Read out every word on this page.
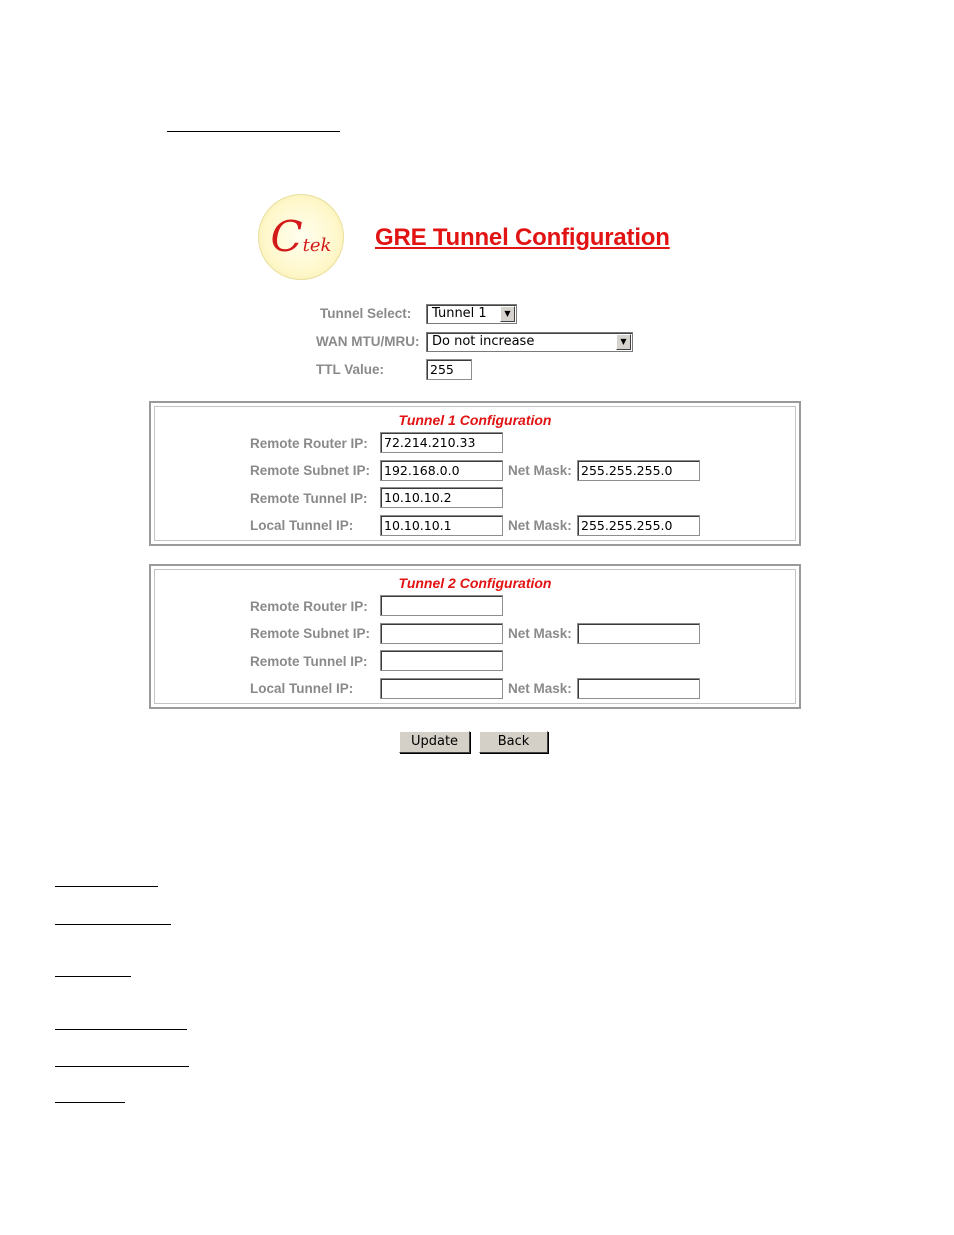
Ctek GRE Tunnel Configuration
Tunnel Select:	Tunnel 1	▼
WAN MTU/MRU: Do not increase	▼
TTL Value:	255
Tunnel 1 Configuration
Remote Router IP:	72.214.210.33
Remote Subnet IP:	192.168.0.0	Net Mask: 255.255.255.0
Remote Tunnel IP:	10.10.10.2
Local Tunnel IP:	10.10.10.1	Net Mask: 255.255.255.0
Tunnel 2 Configuration
Remote Router IP:
Remote Subnet IP:	Net Mask:
Remote Tunnel IP:
Local Tunnel IP:	Net Mask:
Update	Back
